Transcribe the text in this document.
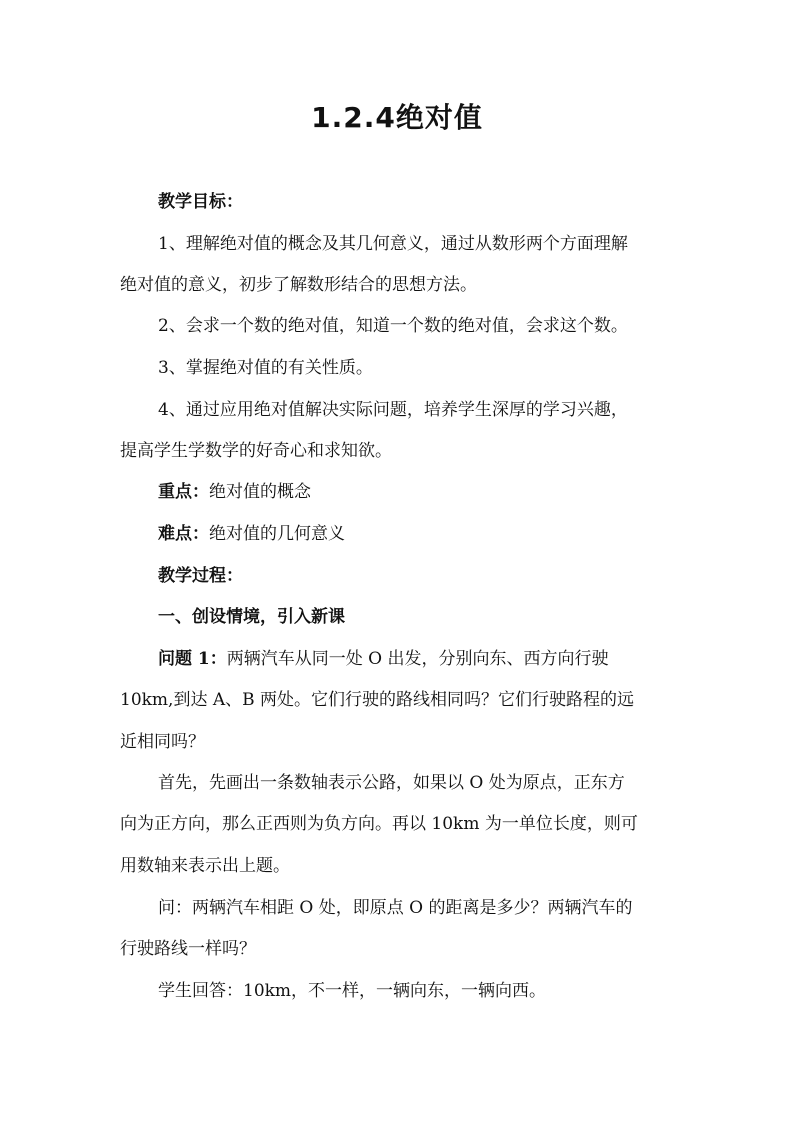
1.2.4绝对值
教学目标：
1、理解绝对值的概念及其几何意义，通过从数形两个方面理解
绝对值的意义，初步了解数形结合的思想方法。
2、会求一个数的绝对值，知道一个数的绝对值，会求这个数。
3、掌握绝对值的有关性质。
4、通过应用绝对值解决实际问题，培养学生深厚的学习兴趣，
提高学生学数学的好奇心和求知欲。
重点：绝对值的概念
难点：绝对值的几何意义
教学过程：
一、创设情境，引入新课
问题 1：两辆汽车从同一处 O 出发，分别向东、西方向行驶
10km,到达 A、B 两处。它们行驶的路线相同吗？它们行驶路程的远
近相同吗？
首先，先画出一条数轴表示公路，如果以 O 处为原点，正东方
向为正方向，那么正西则为负方向。再以 10km 为一单位长度，则可
用数轴来表示出上题。
问：两辆汽车相距 O 处，即原点 O 的距离是多少？两辆汽车的
行驶路线一样吗？
学生回答：10km，不一样，一辆向东，一辆向西。
